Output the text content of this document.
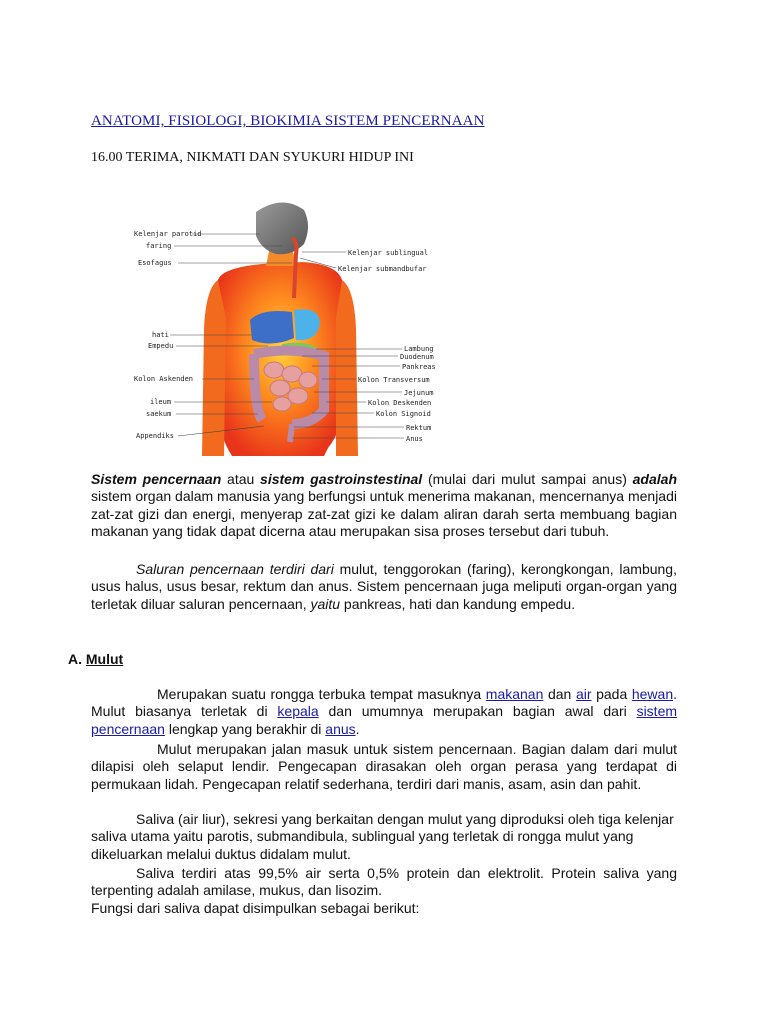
ANATOMI, FISIOLOGI, BIOKIMIA SISTEM PENCERNAAN
16.00 TERIMA, NIKMATI DAN SYUKURI HIDUP INI
Kelenjar parotid
faring
Esofagus
hati
Empedu
Kolon Askenden
ileum
saekum
Appendiks
Kelenjar sublingual
Kelenjar submandbufar
Lambung
Duodenum
Pankreas
Kolon Transversum
Jejunum
Kolon Deskenden
Kolon Signoid
Rektum
Anus

Sistem pencernaan atau sistem gastroinstestinal (mulai dari mulut sampai anus) adalah sistem organ dalam manusia yang berfungsi untuk menerima makanan, mencernanya menjadi zat-zat gizi dan energi, menyerap zat-zat gizi ke dalam aliran darah serta membuang bagian makanan yang tidak dapat dicerna atau merupakan sisa proses tersebut dari tubuh.

Saluran pencernaan terdiri dari mulut, tenggorokan (faring), kerongkongan, lambung, usus halus, usus besar, rektum dan anus. Sistem pencernaan juga meliputi organ-organ yang terletak diluar saluran pencernaan, yaitu pankreas, hati dan kandung empedu.

A. Mulut

Merupakan suatu rongga terbuka tempat masuknya makanan dan air pada hewan. Mulut biasanya terletak di kepala dan umumnya merupakan bagian awal dari sistem pencernaan lengkap yang berakhir di anus.

Mulut merupakan jalan masuk untuk sistem pencernaan. Bagian dalam dari mulut dilapisi oleh selaput lendir. Pengecapan dirasakan oleh organ perasa yang terdapat di permukaan lidah. Pengecapan relatif sederhana, terdiri dari manis, asam, asin dan pahit.

Saliva (air liur), sekresi yang berkaitan dengan mulut yang diproduksi oleh tiga kelenjar saliva utama yaitu parotis, submandibula, sublingual yang terletak di rongga mulut yang dikeluarkan melalui duktus didalam mulut.

Saliva terdiri atas 99,5% air serta 0,5% protein dan elektrolit. Protein saliva yang terpenting adalah amilase, mukus, dan lisozim.

Fungsi dari saliva dapat disimpulkan sebagai berikut:
